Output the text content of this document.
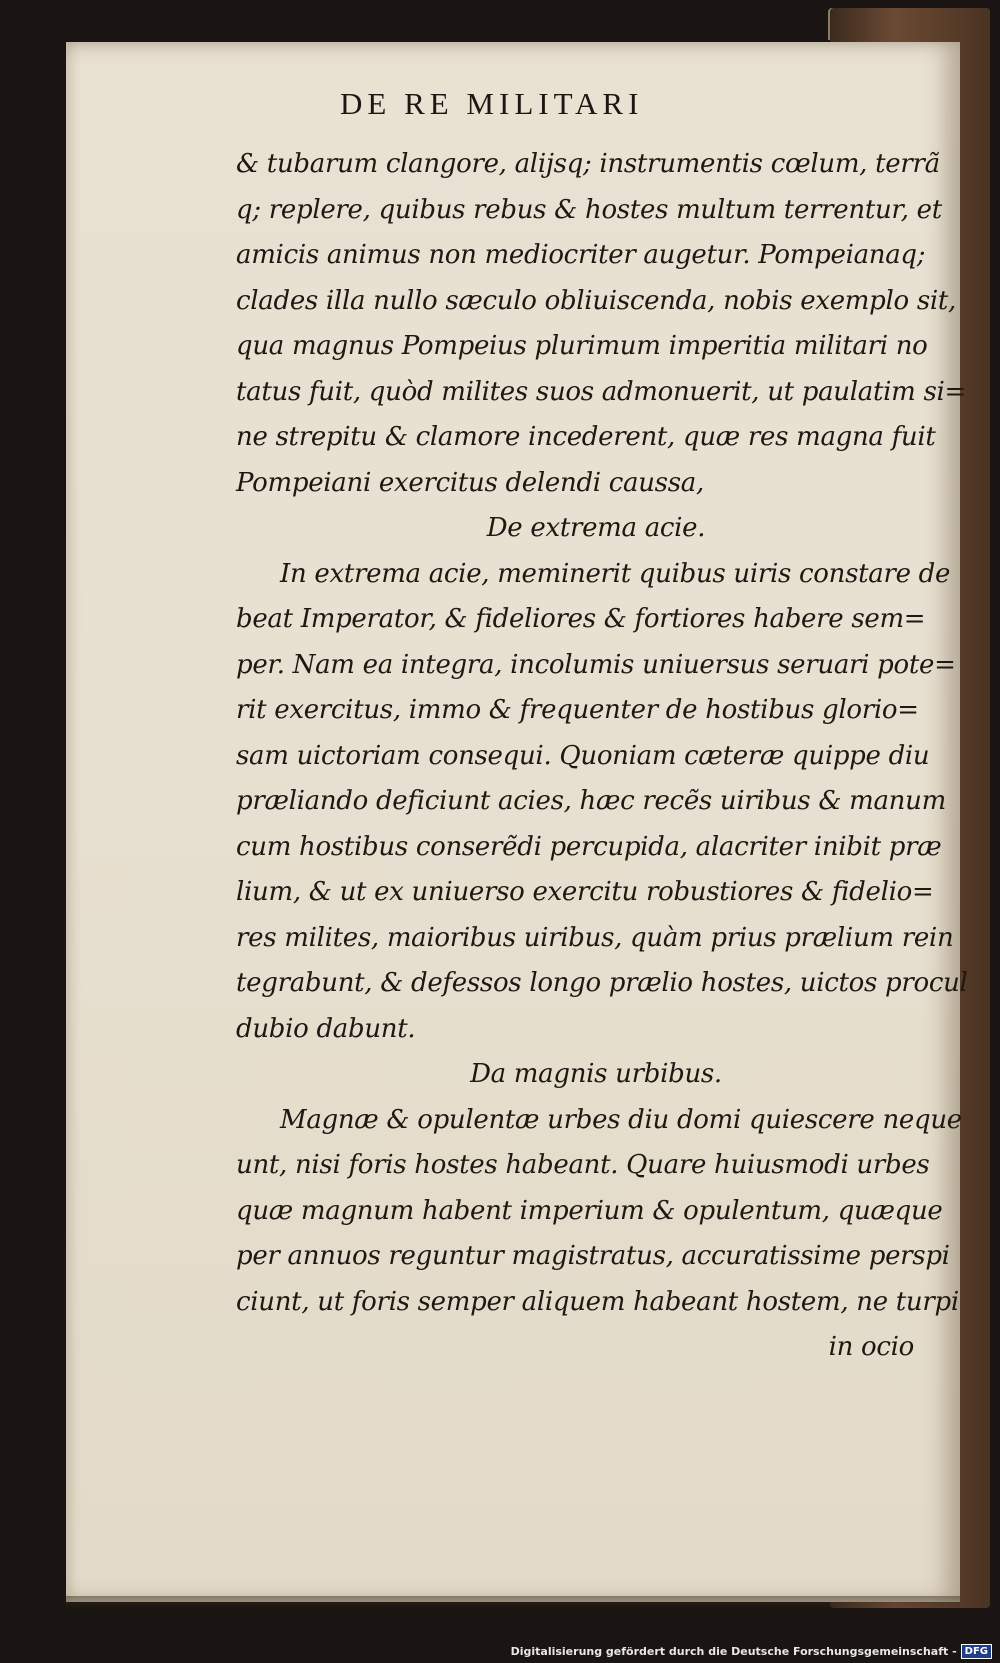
DE RE MILITARI
& tubarum clangore, alijsq; instrumentis cœlum, terrã
q; replere, quibus rebus & hostes multum terrentur, et
amicis animus non mediocriter augetur. Pompeianaq;
clades illa nullo sæculo obliuiscenda, nobis exemplo sit,
qua magnus Pompeius plurimum imperitia militari no
tatus fuit, quòd milites suos admonuerit, ut paulatim si=
ne strepitu & clamore incederent, quæ res magna fuit
Pompeiani exercitus delendi caussa,
De extrema acie.
In extrema acie, meminerit quibus uiris constare de
beat Imperator, & fideliores & fortiores habere sem=
per. Nam ea integra, incolumis uniuersus seruari pote=
rit exercitus, immo & frequenter de hostibus glorio=
sam uictoriam consequi. Quoniam cæteræ quippe diu
præliando deficiunt acies, hæc recẽs uiribus & manum
cum hostibus conserẽdi percupida, alacriter inibit præ
lium, & ut ex uniuerso exercitu robustiores & fidelio=
res milites, maioribus uiribus, quàm prius prælium rein
tegrabunt, & defessos longo prælio hostes, uictos procul
dubio dabunt.
Da magnis urbibus.
Magnæ & opulentæ urbes diu domi quiescere neque
unt, nisi foris hostes habeant. Quare huiusmodi urbes
quæ magnum habent imperium & opulentum, quæque
per annuos reguntur magistratus, accuratissime perspi
ciunt, ut foris semper aliquem habeant hostem, ne turpi
in ocio
Digitalisierung gefördert durch die Deutsche Forschungsgemeinschaft - DFG
